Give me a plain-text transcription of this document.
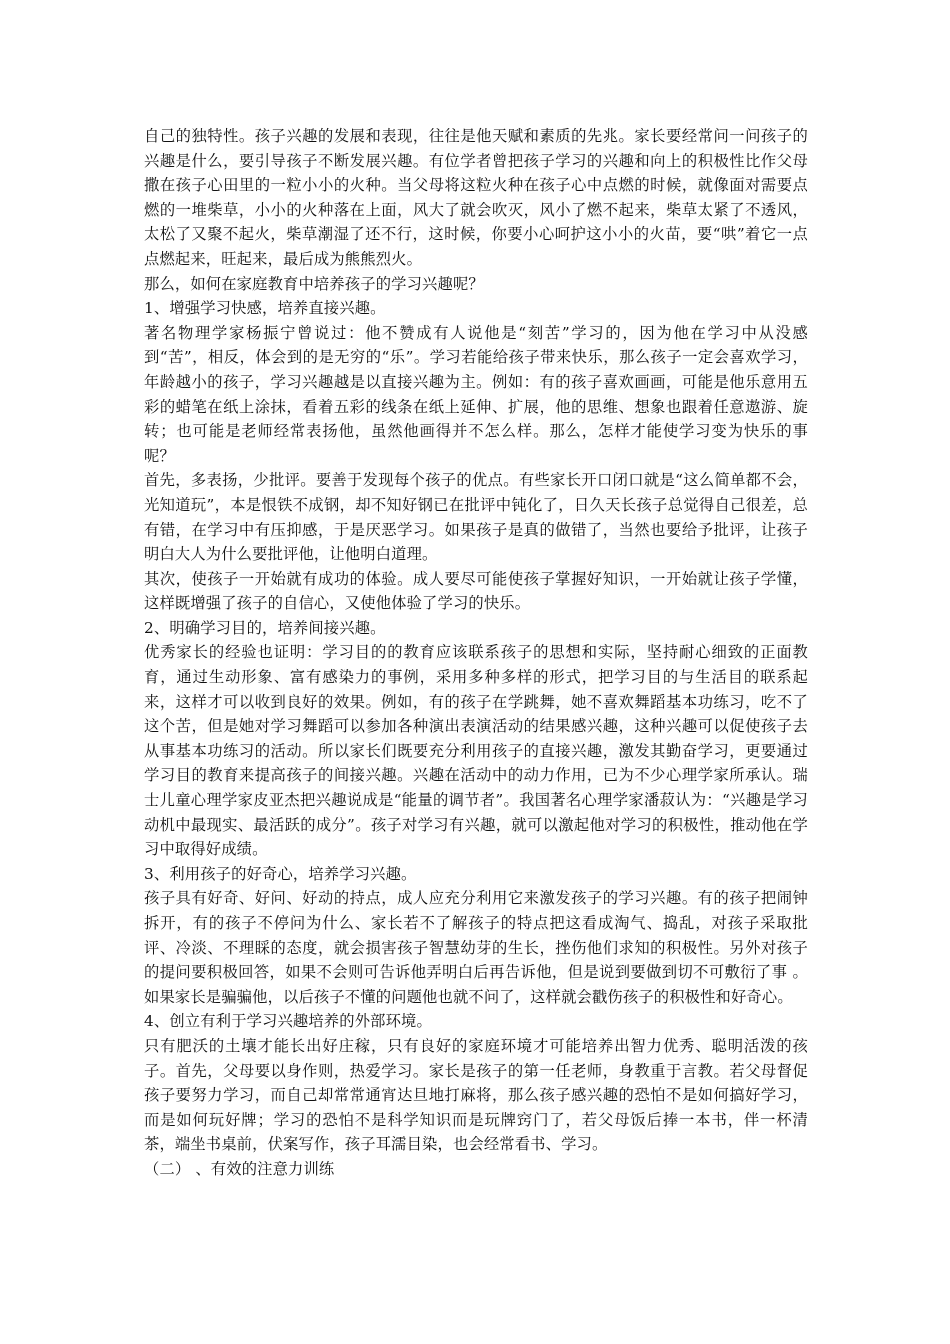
自己的独特性。孩子兴趣的发展和表现，往往是他天赋和素质的先兆。家长要经常问一问孩子的兴趣是什么，要引导孩子不断发展兴趣。有位学者曾把孩子学习的兴趣和向上的积极性比作父母撒在孩子心田里的一粒小小的火种。当父母将这粒火种在孩子心中点燃的时候，就像面对需要点燃的一堆柴草，小小的火种落在上面，风大了就会吹灭，风小了燃不起来，柴草太紧了不透风，太松了又聚不起火，柴草潮湿了还不行，这时候，你要小心呵护这小小的火苗，要“哄”着它一点点燃起来，旺起来，最后成为熊熊烈火。

那么，如何在家庭教育中培养孩子的学习兴趣呢？

1、增强学习快感，培养直接兴趣。

著名物理学家杨振宁曾说过：他不赞成有人说他是“刻苦”学习的，因为他在学习中从没感到“苦”，相反，体会到的是无穷的“乐”。学习若能给孩子带来快乐，那么孩子一定会喜欢学习，年龄越小的孩子，学习兴趣越是以直接兴趣为主。例如：有的孩子喜欢画画，可能是他乐意用五彩的蜡笔在纸上涂抹，看着五彩的线条在纸上延伸、扩展，他的思维、想象也跟着任意遨游、旋转；也可能是老师经常表扬他，虽然他画得并不怎么样。那么，怎样才能使学习变为快乐的事呢？

首先，多表扬，少批评。要善于发现每个孩子的优点。有些家长开口闭口就是“这么简单都不会，光知道玩”，本是恨铁不成钢，却不知好钢已在批评中钝化了，日久天长孩子总觉得自己很差，总有错，在学习中有压抑感，于是厌恶学习。如果孩子是真的做错了，当然也要给予批评，让孩子明白大人为什么要批评他，让他明白道理。

其次，使孩子一开始就有成功的体验。成人要尽可能使孩子掌握好知识，一开始就让孩子学懂，这样既增强了孩子的自信心，又使他体验了学习的快乐。

2、明确学习目的，培养间接兴趣。

优秀家长的经验也证明：学习目的的教育应该联系孩子的思想和实际，坚持耐心细致的正面教育，通过生动形象、富有感染力的事例，采用多种多样的形式，把学习目的与生活目的联系起来，这样才可以收到良好的效果。例如，有的孩子在学跳舞，她不喜欢舞蹈基本功练习，吃不了这个苦，但是她对学习舞蹈可以参加各种演出表演活动的结果感兴趣，这种兴趣可以促使孩子去从事基本功练习的活动。所以家长们既要充分利用孩子的直接兴趣，激发其勤奋学习，更要通过学习目的教育来提高孩子的间接兴趣。兴趣在活动中的动力作用，已为不少心理学家所承认。瑞士儿童心理学家皮亚杰把兴趣说成是“能量的调节者”。我国著名心理学家潘菽认为：“兴趣是学习动机中最现实、最活跃的成分”。孩子对学习有兴趣，就可以激起他对学习的积极性，推动他在学习中取得好成绩。

3、利用孩子的好奇心，培养学习兴趣。

孩子具有好奇、好问、好动的持点，成人应充分利用它来激发孩子的学习兴趣。有的孩子把闹钟拆开，有的孩子不停问为什么、家长若不了解孩子的特点把这看成淘气、捣乱，对孩子采取批评、冷淡、不理睬的态度，就会损害孩子智慧幼芽的生长，挫伤他们求知的积极性。另外对孩子的提问要积极回答，如果不会则可告诉他弄明白后再告诉他，但是说到要做到切不可敷衍了事 。如果家长是骗骗他，以后孩子不懂的问题他也就不问了，这样就会戳伤孩子的积极性和好奇心。

4、创立有利于学习兴趣培养的外部环境。

只有肥沃的土壤才能长出好庄稼，只有良好的家庭环境才可能培养出智力优秀、聪明活泼的孩子。首先，父母要以身作则，热爱学习。家长是孩子的第一任老师，身教重于言教。若父母督促孩子要努力学习，而自己却常常通宵达旦地打麻将，那么孩子感兴趣的恐怕不是如何搞好学习，而是如何玩好牌；学习的恐怕不是科学知识而是玩牌窍门了，若父母饭后捧一本书，伴一杯清茶，端坐书桌前，伏案写作，孩子耳濡目染，也会经常看书、学习。

（二） 、有效的注意力训练
